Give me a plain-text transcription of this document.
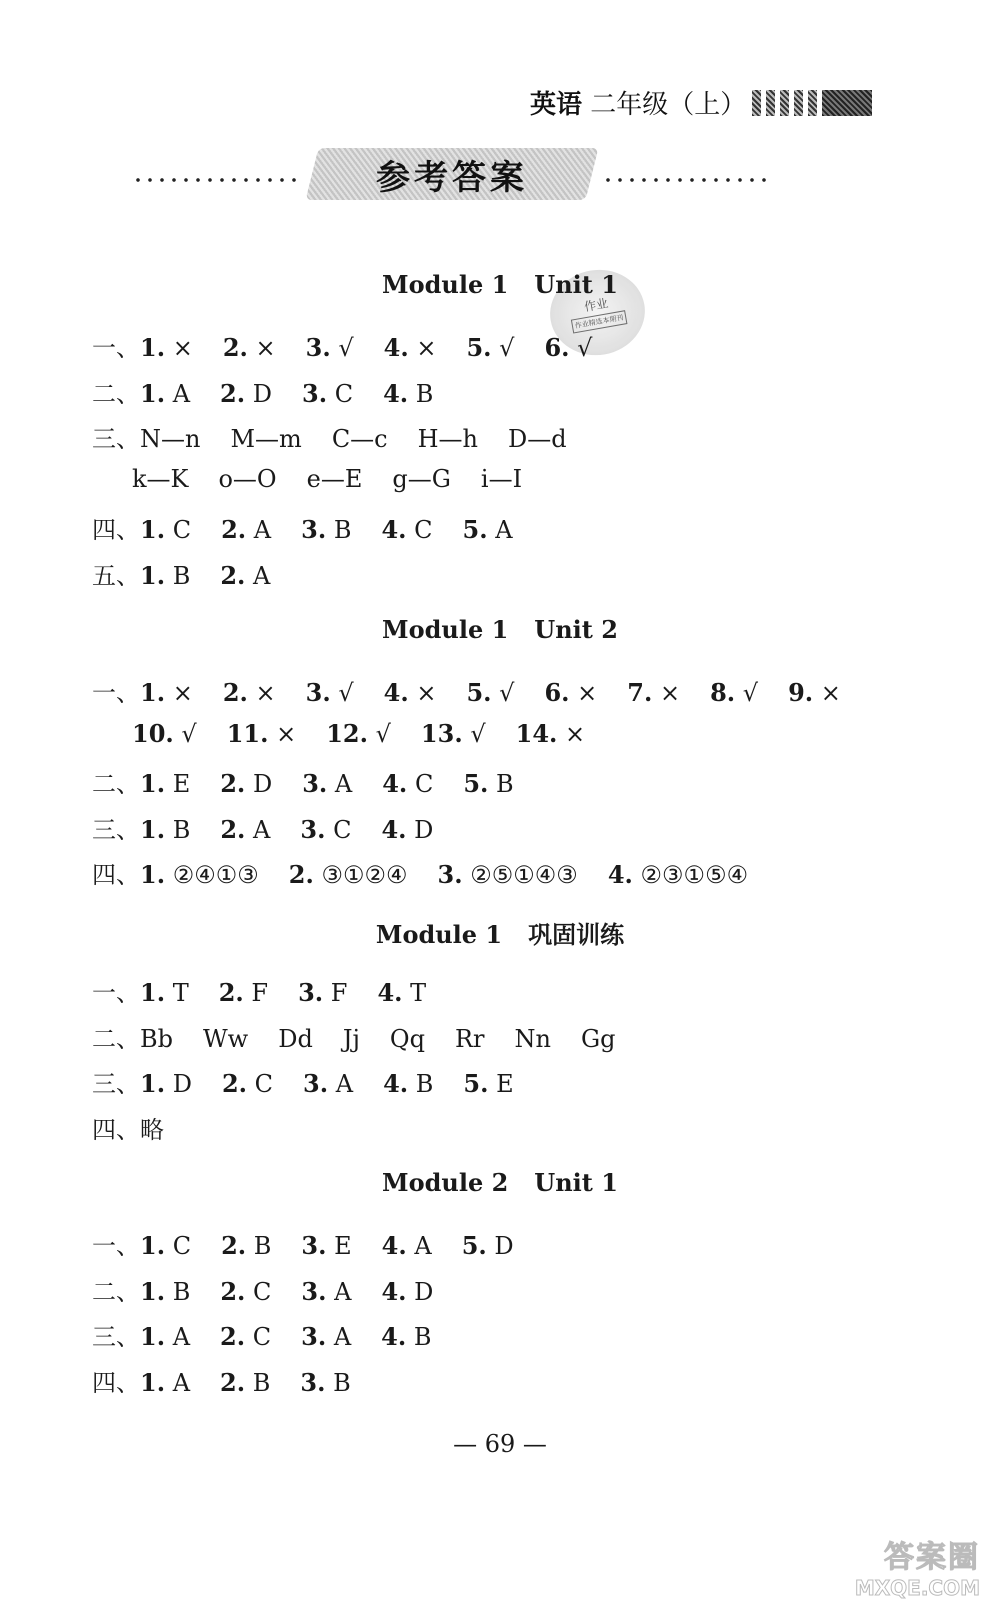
英语 二年级（上）
参考答案
作业
作业精选本期刊
Module 1 Unit 1
一、1. × 2. × 3. √ 4. × 5. √ 6. √
二、1. A 2. D 3. C 4. B
三、N—n M—m C—c H—h D—d
k—K o—O e—E g—G i—I
四、1. C 2. A 3. B 4. C 5. A
五、1. B 2. A
Module 1 Unit 2
一、1. × 2. × 3. √ 4. × 5. √ 6. × 7. × 8. √ 9. ×
10. √ 11. × 12. √ 13. √ 14. ×
二、1. E 2. D 3. A 4. C 5. B
三、1. B 2. A 3. C 4. D
四、1. ②④①③ 2. ③①②④ 3. ②⑤①④③ 4. ②③①⑤④
Module 1 巩固训练
一、1. T 2. F 3. F 4. T
二、Bb Ww Dd Jj Qq Rr Nn Gg
三、1. D 2. C 3. A 4. B 5. E
四、略
Module 2 Unit 1
一、1. C 2. B 3. E 4. A 5. D
二、1. B 2. C 3. A 4. D
三、1. A 2. C 3. A 4. B
四、1. A 2. B 3. B
— 69 —
答案圈
MXQE.COM
